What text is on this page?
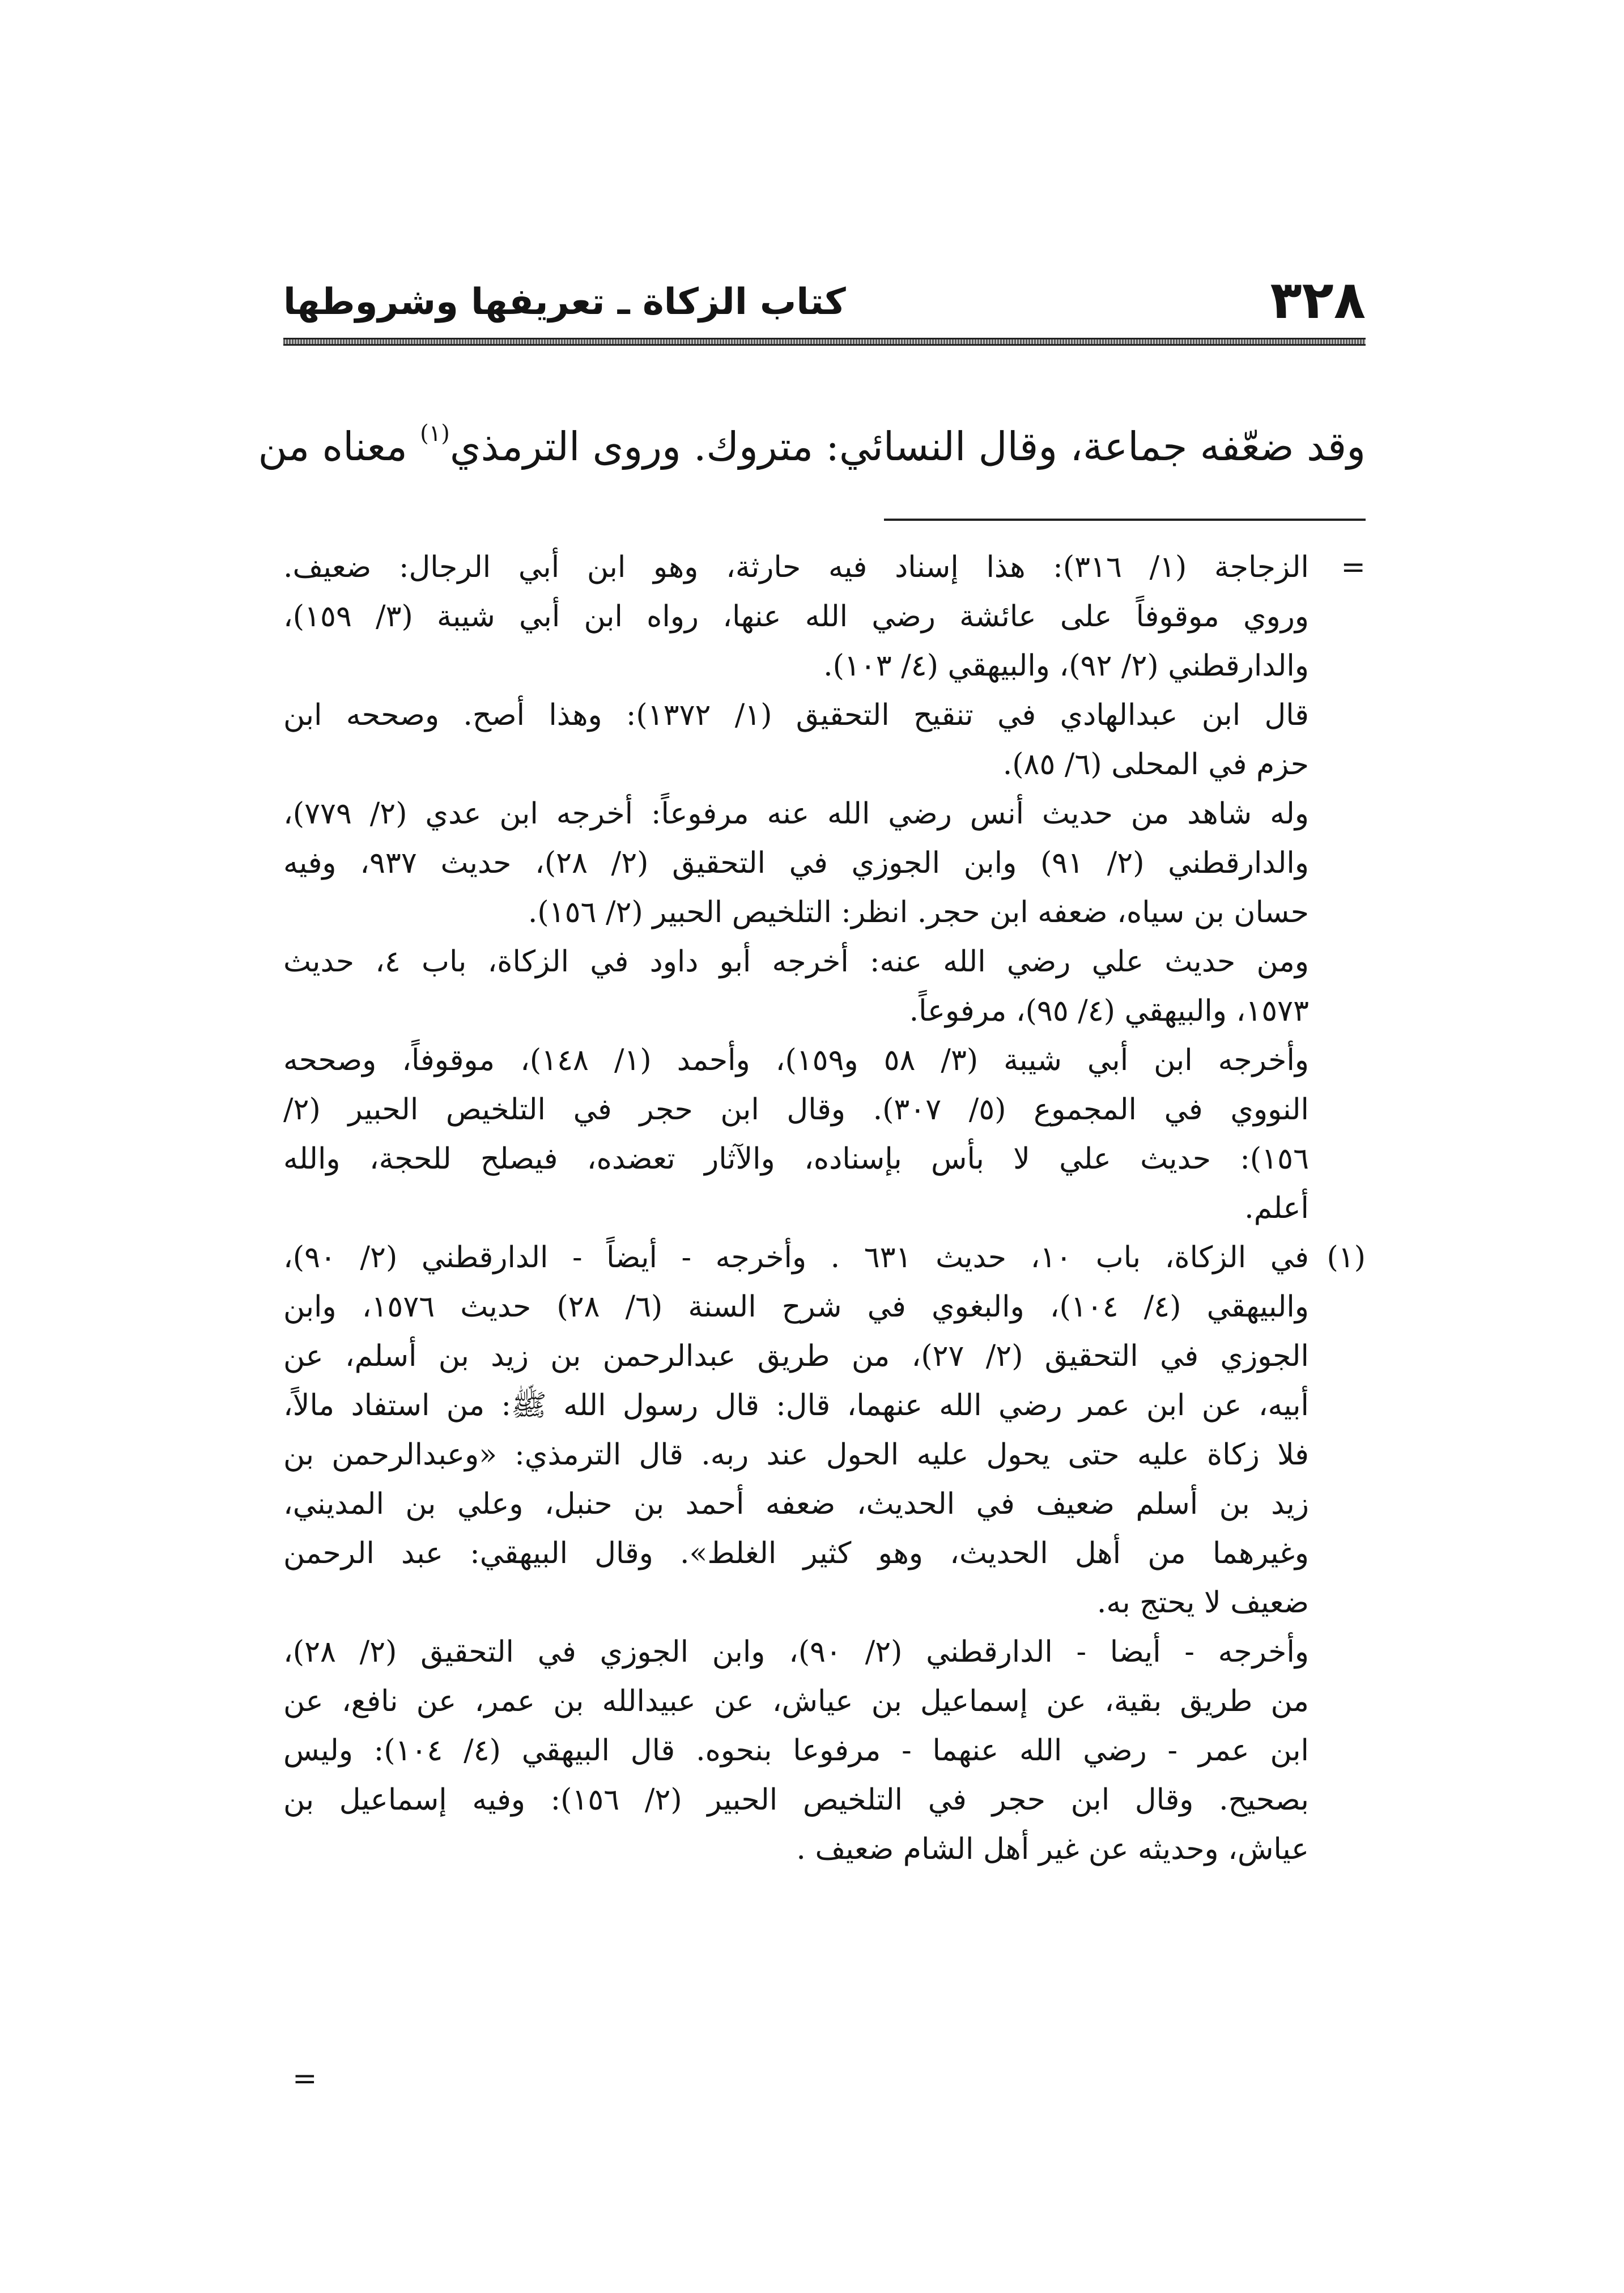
٣٢٨
كتاب الزكاة ـ تعريفها وشروطها
وقد ضعّفه جماعة، وقال النسائي: متروك. وروى الترمذي$^{(١)}$ معناه من
=
الزجاجة (١/ ٣١٦): هذا إسناد فيه حارثة، وهو ابن أبي الرجال: ضعيف.
وروي موقوفاً على عائشة رضي الله عنها، رواه ابن أبي شيبة (٣/ ١٥٩)،
والدارقطني (٢/ ٩٢)، والبيهقي (٤/ ١٠٣).
قال ابن عبدالهادي في تنقيح التحقيق (١/ ١٣٧٢): وهذا أصح. وصححه ابن
حزم في المحلى (٦/ ٨٥).
وله شاهد من حديث أنس رضي الله عنه مرفوعاً: أخرجه ابن عدي (٢/ ٧٧٩)،
والدارقطني (٢/ ٩١) وابن الجوزي في التحقيق (٢/ ٢٨)، حديث ٩٣٧، وفيه
حسان بن سياه، ضعفه ابن حجر. انظر: التلخيص الحبير (٢/ ١٥٦).
ومن حديث علي رضي الله عنه: أخرجه أبو داود في الزكاة، باب ٤، حديث
١٥٧٣، والبيهقي (٤/ ٩٥)، مرفوعاً.
وأخرجه ابن أبي شيبة (٣/ ٥٨ و١٥٩)، وأحمد (١/ ١٤٨)، موقوفاً، وصححه
النووي في المجموع (٥/ ٣٠٧). وقال ابن حجر في التلخيص الحبير (٢/
١٥٦): حديث علي لا بأس بإسناده، والآثار تعضده، فيصلح للحجة، والله
أعلم.
(١)
في الزكاة، باب ١٠، حديث ٦٣١ . وأخرجه - أيضاً - الدارقطني (٢/ ٩٠)،
والبيهقي (٤/ ١٠٤)، والبغوي في شرح السنة (٦/ ٢٨) حديث ١٥٧٦، وابن
الجوزي في التحقيق (٢/ ٢٧)، من طريق عبدالرحمن بن زيد بن أسلم، عن
أبيه، عن ابن عمر رضي الله عنهما، قال: قال رسول الله ﷺ: من استفاد مالاً،
فلا زكاة عليه حتى يحول عليه الحول عند ربه. قال الترمذي: «وعبدالرحمن بن
زيد بن أسلم ضعيف في الحديث، ضعفه أحمد بن حنبل، وعلي بن المديني،
وغيرهما من أهل الحديث، وهو كثير الغلط». وقال البيهقي: عبد الرحمن
ضعيف لا يحتج به.
وأخرجه - أيضا - الدارقطني (٢/ ٩٠)، وابن الجوزي في التحقيق (٢/ ٢٨)،
من طريق بقية، عن إسماعيل بن عياش، عن عبيدالله بن عمر، عن نافع، عن
ابن عمر - رضي الله عنهما - مرفوعا بنحوه. قال البيهقي (٤/ ١٠٤): وليس
بصحيح. وقال ابن حجر في التلخيص الحبير (٢/ ١٥٦): وفيه إسماعيل بن
عياش، وحديثه عن غير أهل الشام ضعيف .
=
